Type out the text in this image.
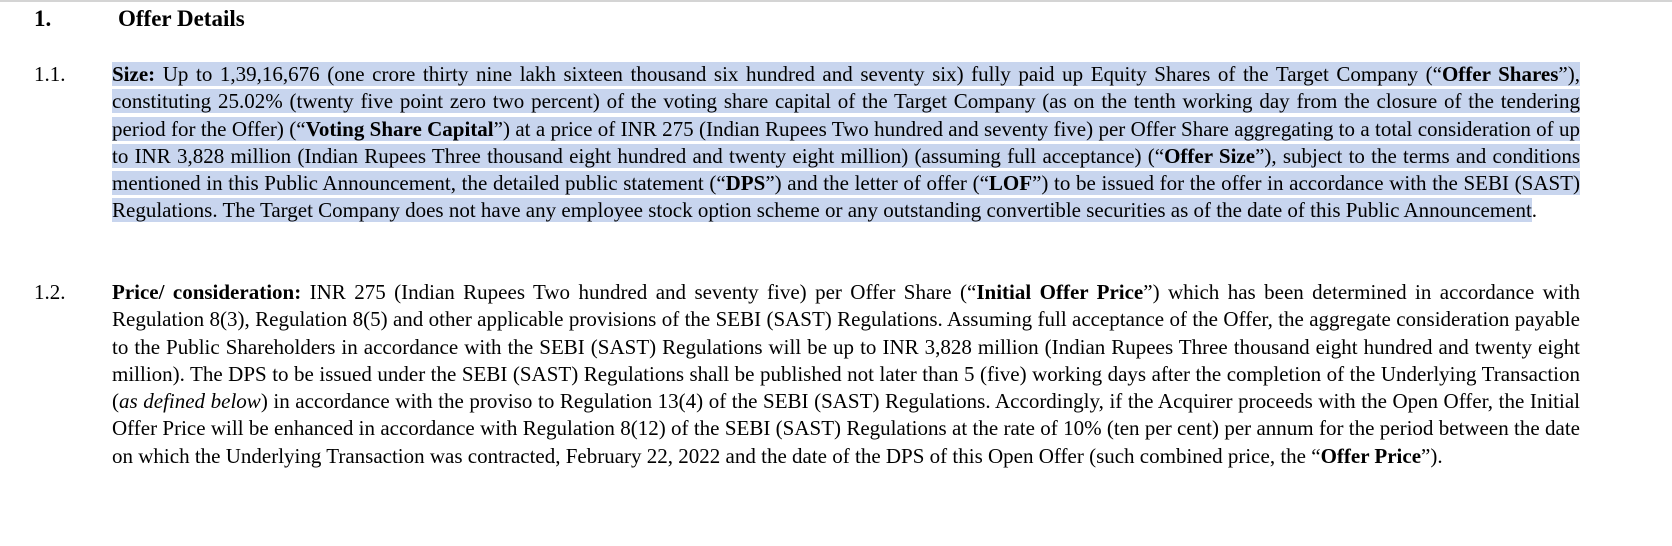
1.	Offer Details
1.1. Size: Up to 1,39,16,676 (one crore thirty nine lakh sixteen thousand six hundred and seventy six) fully paid up Equity Shares of the Target Company (“Offer Shares”), constituting 25.02% (twenty five point zero two percent) of the voting share capital of the Target Company (as on the tenth working day from the closure of the tendering period for the Offer) (“Voting Share Capital”) at a price of INR 275 (Indian Rupees Two hundred and seventy five) per Offer Share aggregating to a total consideration of up to INR 3,828 million (Indian Rupees Three thousand eight hundred and twenty eight million) (assuming full acceptance) (“Offer Size”), subject to the terms and conditions mentioned in this Public Announcement, the detailed public statement (“DPS”) and the letter of offer (“LOF”) to be issued for the offer in accordance with the SEBI (SAST) Regulations. The Target Company does not have any employee stock option scheme or any outstanding convertible securities as of the date of this Public Announcement.
1.2. Price/ consideration: INR 275 (Indian Rupees Two hundred and seventy five) per Offer Share (“Initial Offer Price”) which has been determined in accordance with Regulation 8(3), Regulation 8(5) and other applicable provisions of the SEBI (SAST) Regulations. Assuming full acceptance of the Offer, the aggregate consideration payable to the Public Shareholders in accordance with the SEBI (SAST) Regulations will be up to INR 3,828 million (Indian Rupees Three thousand eight hundred and twenty eight million). The DPS to be issued under the SEBI (SAST) Regulations shall be published not later than 5 (five) working days after the completion of the Underlying Transaction (as defined below) in accordance with the proviso to Regulation 13(4) of the SEBI (SAST) Regulations. Accordingly, if the Acquirer proceeds with the Open Offer, the Initial Offer Price will be enhanced in accordance with Regulation 8(12) of the SEBI (SAST) Regulations at the rate of 10% (ten per cent) per annum for the period between the date on which the Underlying Transaction was contracted, February 22, 2022 and the date of the DPS of this Open Offer (such combined price, the “Offer Price”).
